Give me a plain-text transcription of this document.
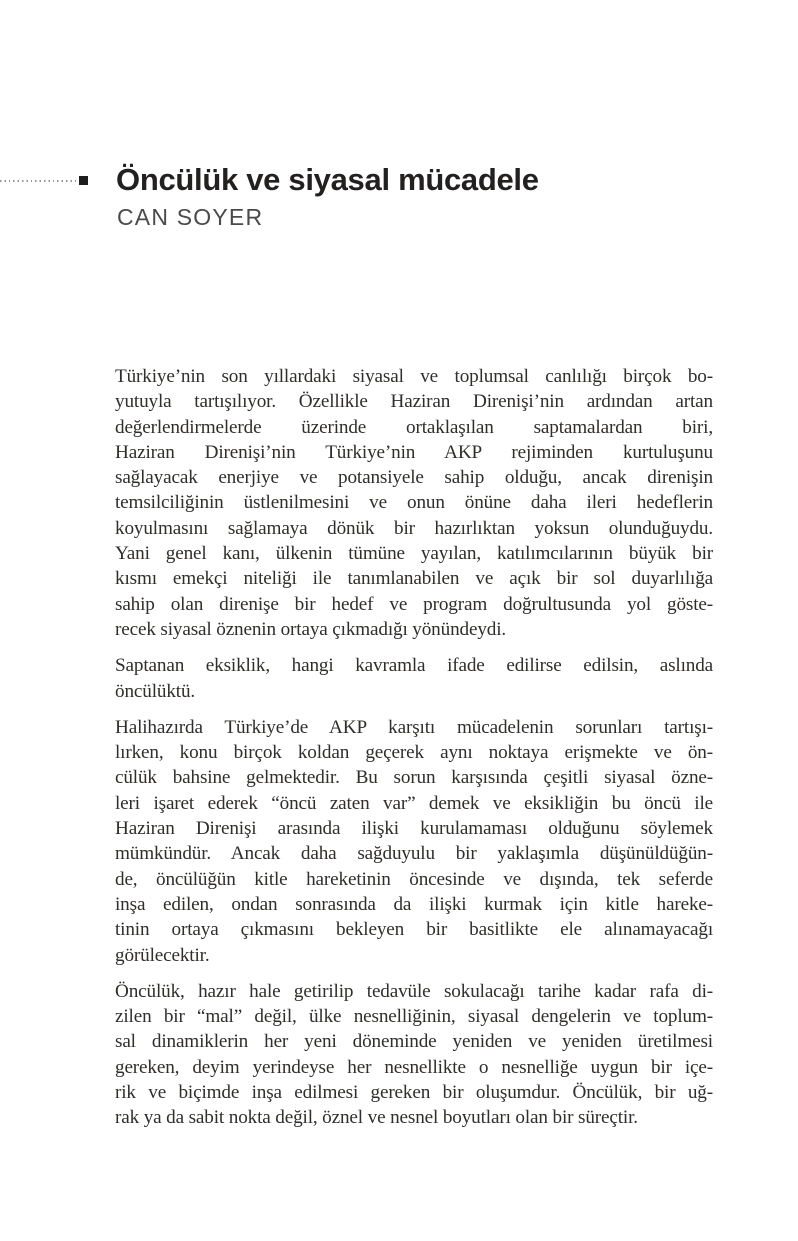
Öncülük ve siyasal mücadele
CAN SOYER
Türkiye’nin son yıllardaki siyasal ve toplumsal canlılığı birçok bo-
yutuyla tartışılıyor. Özellikle Haziran Direnişi’nin ardından artan
değerlendirmelerde üzerinde ortaklaşılan saptamalardan biri,
Haziran Direnişi’nin Türkiye’nin AKP rejiminden kurtuluşunu
sağlayacak enerjiye ve potansiyele sahip olduğu, ancak direnişin
temsilciliğinin üstlenilmesini ve onun önüne daha ileri hedeflerin
koyulmasını sağlamaya dönük bir hazırlıktan yoksun olunduğuydu.
Yani genel kanı, ülkenin tümüne yayılan, katılımcılarının büyük bir
kısmı emekçi niteliği ile tanımlanabilen ve açık bir sol duyarlılığa
sahip olan direnişe bir hedef ve program doğrultusunda yol göste-
recek siyasal öznenin ortaya çıkmadığı yönündeydi.
Saptanan eksiklik, hangi kavramla ifade edilirse edilsin, aslında
öncülüktü.
Halihazırda Türkiye’de AKP karşıtı mücadelenin sorunları tartışı-
lırken, konu birçok koldan geçerek aynı noktaya erişmekte ve ön-
cülük bahsine gelmektedir. Bu sorun karşısında çeşitli siyasal özne-
leri işaret ederek “öncü zaten var” demek ve eksikliğin bu öncü ile
Haziran Direnişi arasında ilişki kurulamaması olduğunu söylemek
mümkündür. Ancak daha sağduyulu bir yaklaşımla düşünüldüğün-
de, öncülüğün kitle hareketinin öncesinde ve dışında, tek seferde
inşa edilen, ondan sonrasında da ilişki kurmak için kitle hareke-
tinin ortaya çıkmasını bekleyen bir basitlikte ele alınamayacağı
görülecektir.
Öncülük, hazır hale getirilip tedavüle sokulacağı tarihe kadar rafa di-
zilen bir “mal” değil, ülke nesnelliğinin, siyasal dengelerin ve toplum-
sal dinamiklerin her yeni döneminde yeniden ve yeniden üretilmesi
gereken, deyim yerindeyse her nesnellikte o nesnelliğe uygun bir içe-
rik ve biçimde inşa edilmesi gereken bir oluşumdur. Öncülük, bir uğ-
rak ya da sabit nokta değil, öznel ve nesnel boyutları olan bir süreçtir.
